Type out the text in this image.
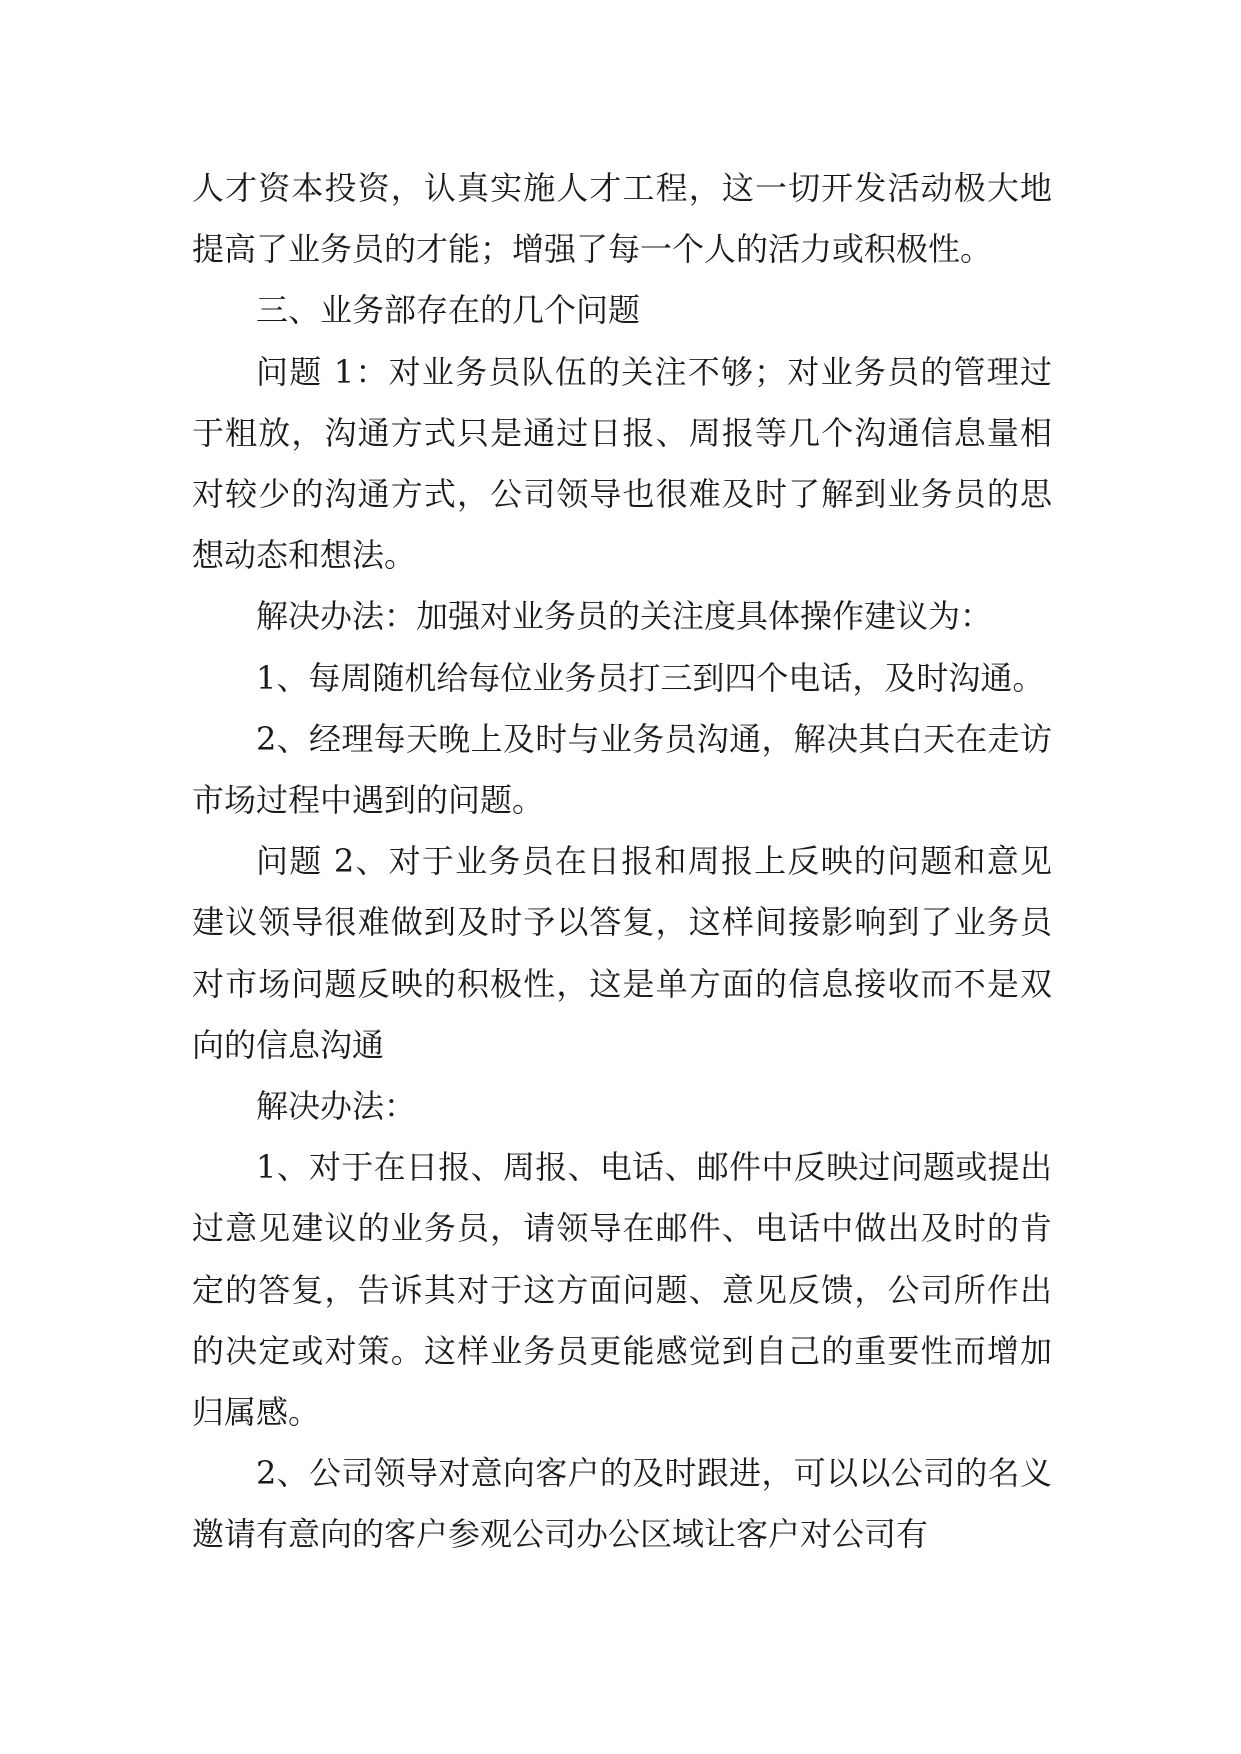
人才资本投资，认真实施人才工程，这一切开发活动极大地提高了业务员的才能；增强了每一个人的活力或积极性。

三、业务部存在的几个问题

问题 1：对业务员队伍的关注不够；对业务员的管理过于粗放，沟通方式只是通过日报、周报等几个沟通信息量相对较少的沟通方式，公司领导也很难及时了解到业务员的思想动态和想法。

解决办法：加强对业务员的关注度具体操作建议为：

1、每周随机给每位业务员打三到四个电话，及时沟通。

2、经理每天晚上及时与业务员沟通，解决其白天在走访市场过程中遇到的问题。

问题 2、对于业务员在日报和周报上反映的问题和意见建议领导很难做到及时予以答复，这样间接影响到了业务员对市场问题反映的积极性，这是单方面的信息接收而不是双向的信息沟通

解决办法：

1、对于在日报、周报、电话、邮件中反映过问题或提出过意见建议的业务员，请领导在邮件、电话中做出及时的肯定的答复，告诉其对于这方面问题、意见反馈，公司所作出的决定或对策。这样业务员更能感觉到自己的重要性而增加归属感。

2、公司领导对意向客户的及时跟进，可以以公司的名义邀请有意向的客户参观公司办公区域让客户对公司有
